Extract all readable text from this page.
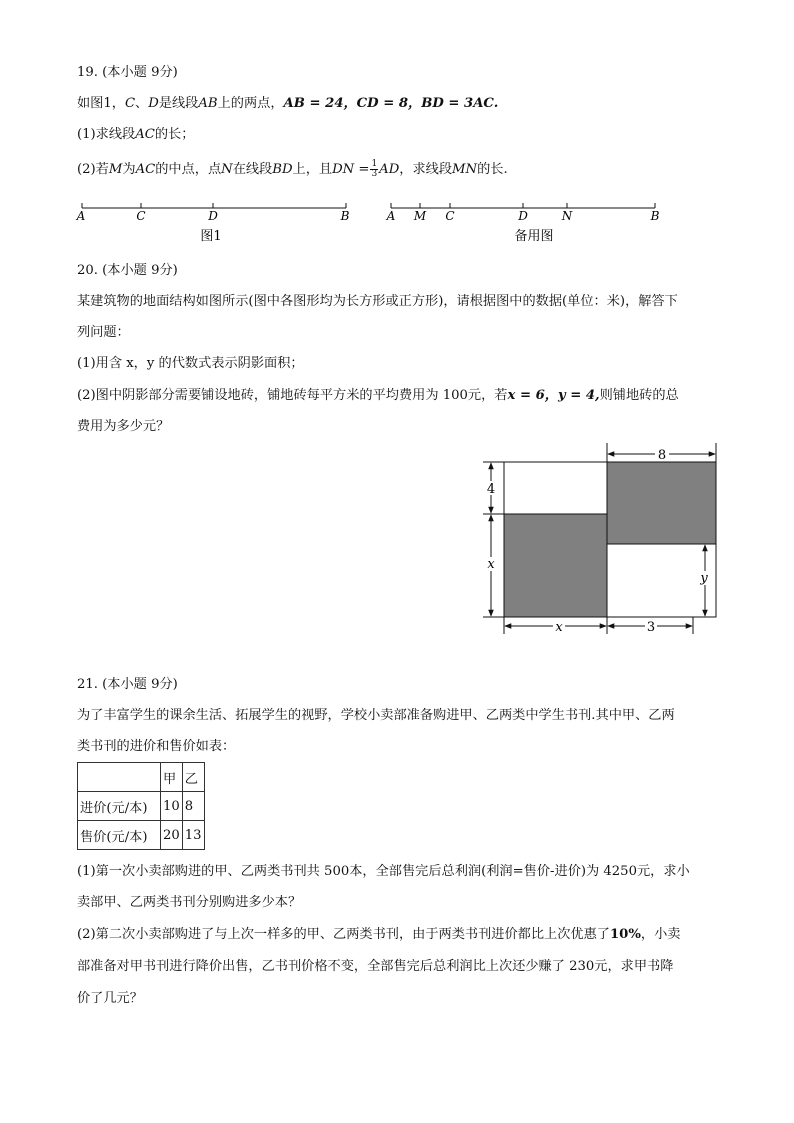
19. (本小题 9分)
如图1，C、D是线段AB上的两点，AB = 24，CD = 8，BD = 3AC.
(1)求线段AC的长；
(2)若M为AC的中点，点N在线段BD上，且DN = $\frac{1}{3}$ AD，求线段MN的长.
A	C	D	B
图1
A M C	D	N	B
备用图
20. (本小题 9分)
某建筑物的地面结构如图所示(图中各图形均为长方形或正方形)，请根据图中的数据(单位：米)，解答下
列问题：
(1)用含 x，y 的代数式表示阴影面积；
(2)图中阴影部分需要铺设地砖，铺地砖每平方米的平均费用为 100元，若x = 6，y = 4,则铺地砖的总
费用为多少元？
8
4
x
x	3
y
21. (本小题 9分)
为了丰富学生的课余生活、拓展学生的视野，学校小卖部准备购进甲、乙两类中学生书刊.其中甲、乙两
类书刊的进价和售价如表：
	甲	乙
进价(元/本)	10	8
售价(元/本)	20	13
(1)第一次小卖部购进的甲、乙两类书刊共 500本，全部售完后总利润(利润=售价-进价)为 4250元，求小
卖部甲、乙两类书刊分别购进多少本？
(2)第二次小卖部购进了与上次一样多的甲、乙两类书刊，由于两类书刊进价都比上次优惠了10%，小卖
部准备对甲书刊进行降价出售，乙书刊价格不变，全部售完后总利润比上次还少赚了 230元，求甲书降
价了几元？
